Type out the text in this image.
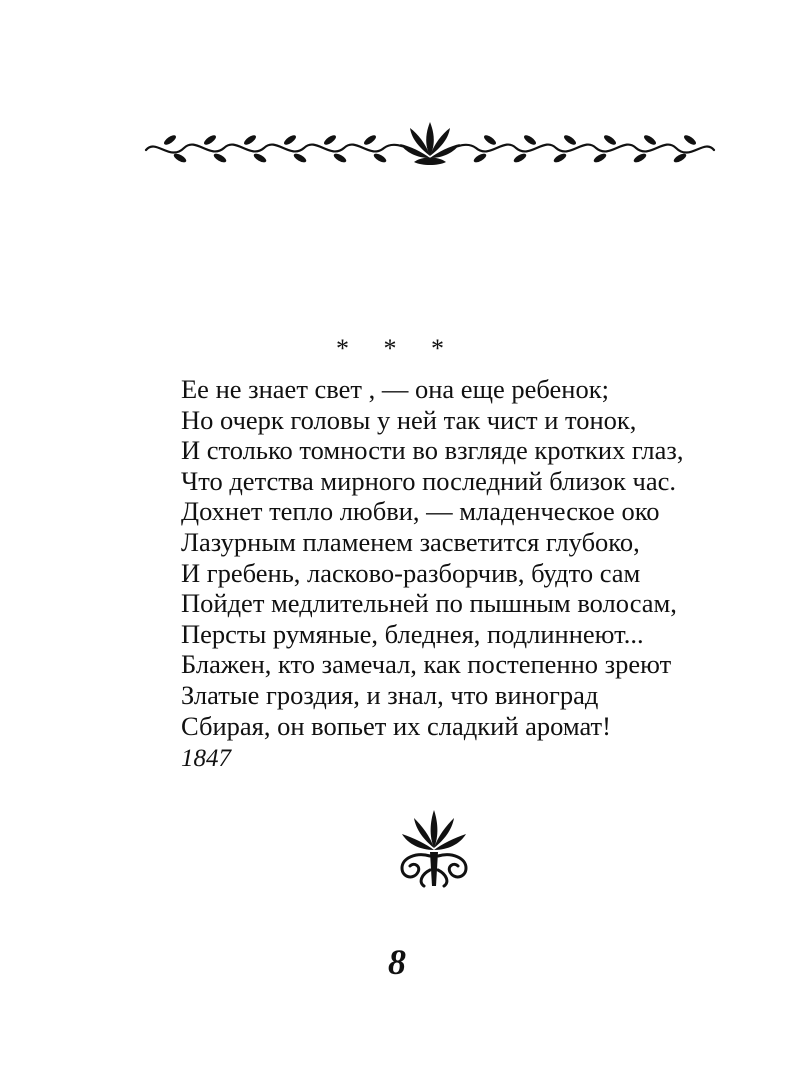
* * *
Ее не знает свет , — она еще ребенок;
Но очерк головы у ней так чист и тонок,
И столько томности во взгляде кротких глаз,
Что детства мирного последний близок час.
Дохнет тепло любви, — младенческое око
Лазурным пламенем засветится глубоко,
И гребень, ласково-разборчив, будто сам
Пойдет медлительней по пышным волосам,
Персты румяные, бледнея, подлиннеют...
Блажен, кто замечал, как постепенно зреют
Златые гроздия, и знал, что виноград
Сбирая, он вопьет их сладкий аромат!
1847
8
